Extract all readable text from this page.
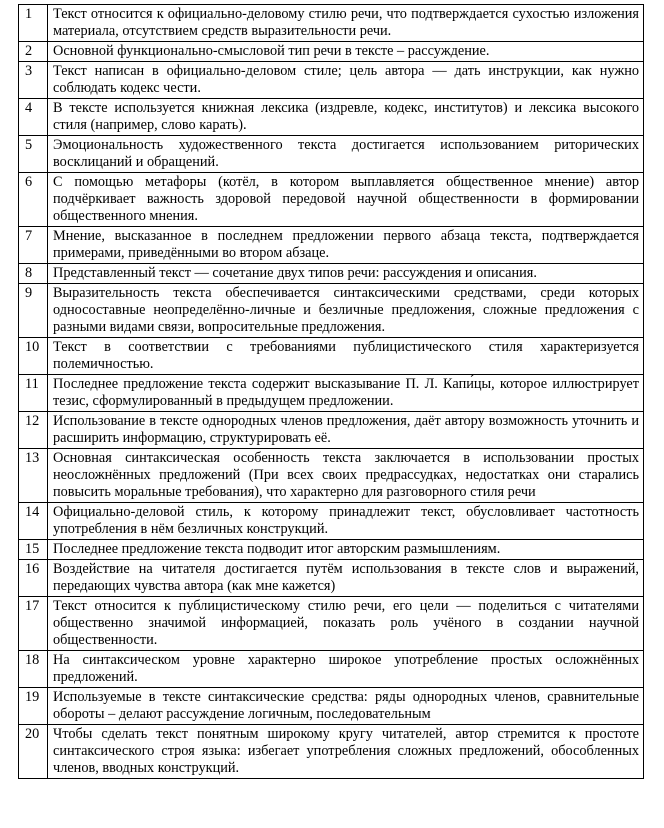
1	Текст относится к официально-деловому стилю речи, что подтверждается сухостью изложения материала, отсутствием средств выразительности речи.
2	Основной функционально-смысловой тип речи в тексте – рассуждение.
3	Текст написан в официально-деловом стиле; цель автора — дать инструкции, как нужно соблюдать кодекс чести.
4	В тексте используется книжная лексика (издревле, кодекс, институтов) и лексика высокого стиля (например, слово карать).
5	Эмоциональность художественного текста достигается использованием риторических восклицаний и обращений.
6	С помощью метафоры (котёл, в котором выплавляется общественное мнение) автор подчёркивает важность здоровой передовой научной общественности в формировании общественного мнения.
7	Мнение, высказанное в последнем предложении первого абзаца текста, подтверждается примерами, приведёнными во втором абзаце.
8	Представленный текст — сочетание двух типов речи: рассуждения и описания.
9	Выразительность текста обеспечивается синтаксическими средствами, среди которых односоставные неопределённо-личные и безличные предложения, сложные предложения с разными видами связи, вопросительные предложения.
10	Текст в соответствии с требованиями публицистического стиля характеризуется полемичностью.
11	Последнее предложение текста содержит высказывание П. Л. Капи́цы, которое иллюстрирует тезис, сформулированный в предыдущем предложении.
12	Использование в тексте однородных членов предложения, даёт автору возможность уточнить и расширить информацию, структурировать её.
13	Основная синтаксическая особенность текста заключается в использовании простых неосложнённых предложений (При всех своих предрассудках, недостатках они старались повысить моральные требования), что характерно для разговорного стиля речи
14	Официально-деловой стиль, к которому принадлежит текст, обусловливает частотность употребления в нём безличных конструкций.
15	Последнее предложение текста подводит итог авторским размышлениям.
16	Воздействие на читателя достигается путём использования в тексте слов и выражений, передающих чувства автора (как мне кажется)
17	Текст относится к публицистическому стилю речи, его цели — поделиться с читателями общественно значимой информацией, показать роль учёного в создании научной общественности.
18	На синтаксическом уровне характерно широкое употребление простых осложнённых предложений.
19	Используемые в тексте синтаксические средства: ряды однородных членов, сравнительные обороты – делают рассуждение логичным, последовательным
20	Чтобы сделать текст понятным широкому кругу читателей, автор стремится к простоте синтаксического строя языка: избегает употребления сложных предложений, обособленных членов, вводных конструкций.
